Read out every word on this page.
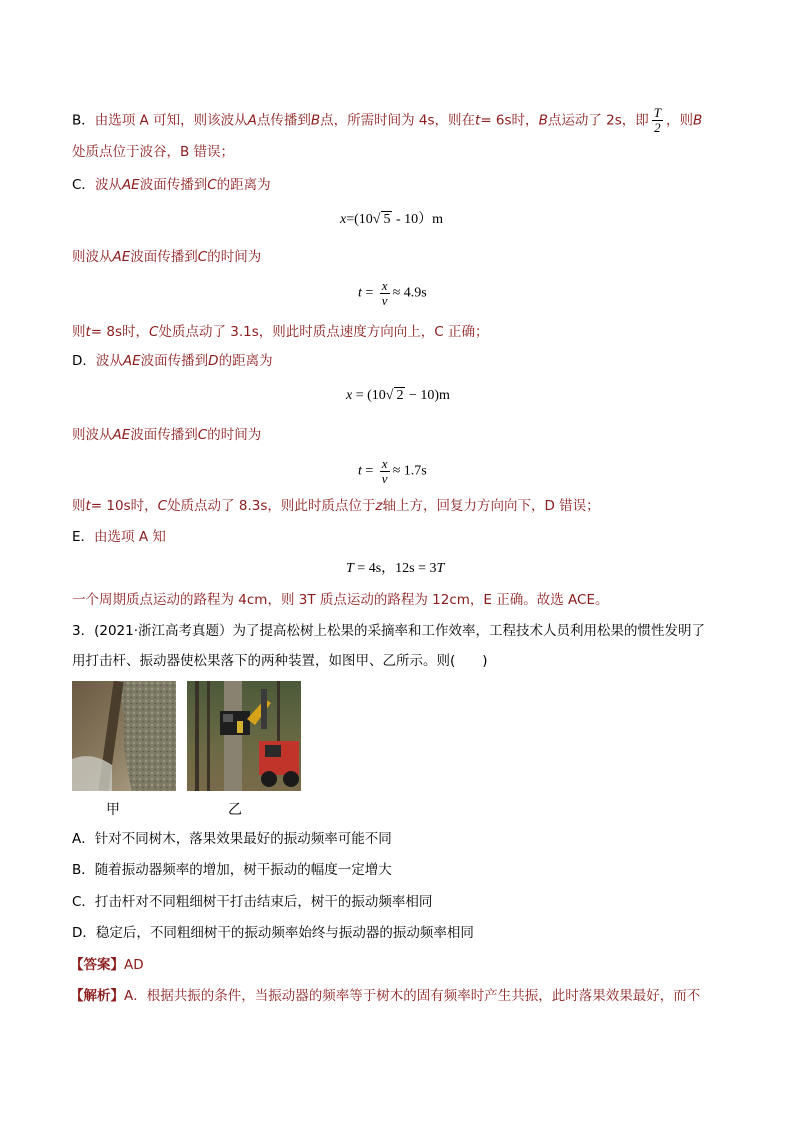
B．由选项 A 可知，则该波从A点传播到B点，所需时间为 4s，则在t= 6s时，B点运动了 2s，即 $\frac{T}{2}$ ，则B
处质点位于波谷，B 错误；
C．波从AE波面传播到C的距离为
x=(10√ 5 - 10）m
则波从AE波面传播到C的时间为
$t = \frac{x}{v} \approx 4.9s$
则t= 8s时，C处质点动了 3.1s，则此时质点速度方向向上，C 正确；
D．波从AE波面传播到D的距离为
x = (10√ 2 − 10)m
则波从AE波面传播到C的时间为
$t = \frac{x}{v} \approx 1.7s$
则t= 10s时，C处质点动了 8.3s，则此时质点位于z轴上方，回复力方向向下，D 错误；
E．由选项 A 知
T = 4s，12s = 3T
一个周期质点运动的路程为 4cm，则 3T 质点运动的路程为 12cm，E 正确。故选 ACE。
3．(2021·浙江高考真题）为了提高松树上松果的采摘率和工作效率，工程技术人员利用松果的惯性发明了
用打击杆、振动器使松果落下的两种装置，如图甲、乙所示。则(　　)
甲	乙
A．针对不同树木，落果效果最好的振动频率可能不同
B．随着振动器频率的增加，树干振动的幅度一定增大
C．打击杆对不同粗细树干打击结束后，树干的振动频率相同
D．稳定后，不同粗细树干的振动频率始终与振动器的振动频率相同
【答案】AD
【解析】A．根据共振的条件，当振动器的频率等于树木的固有频率时产生共振，此时落果效果最好，而不
